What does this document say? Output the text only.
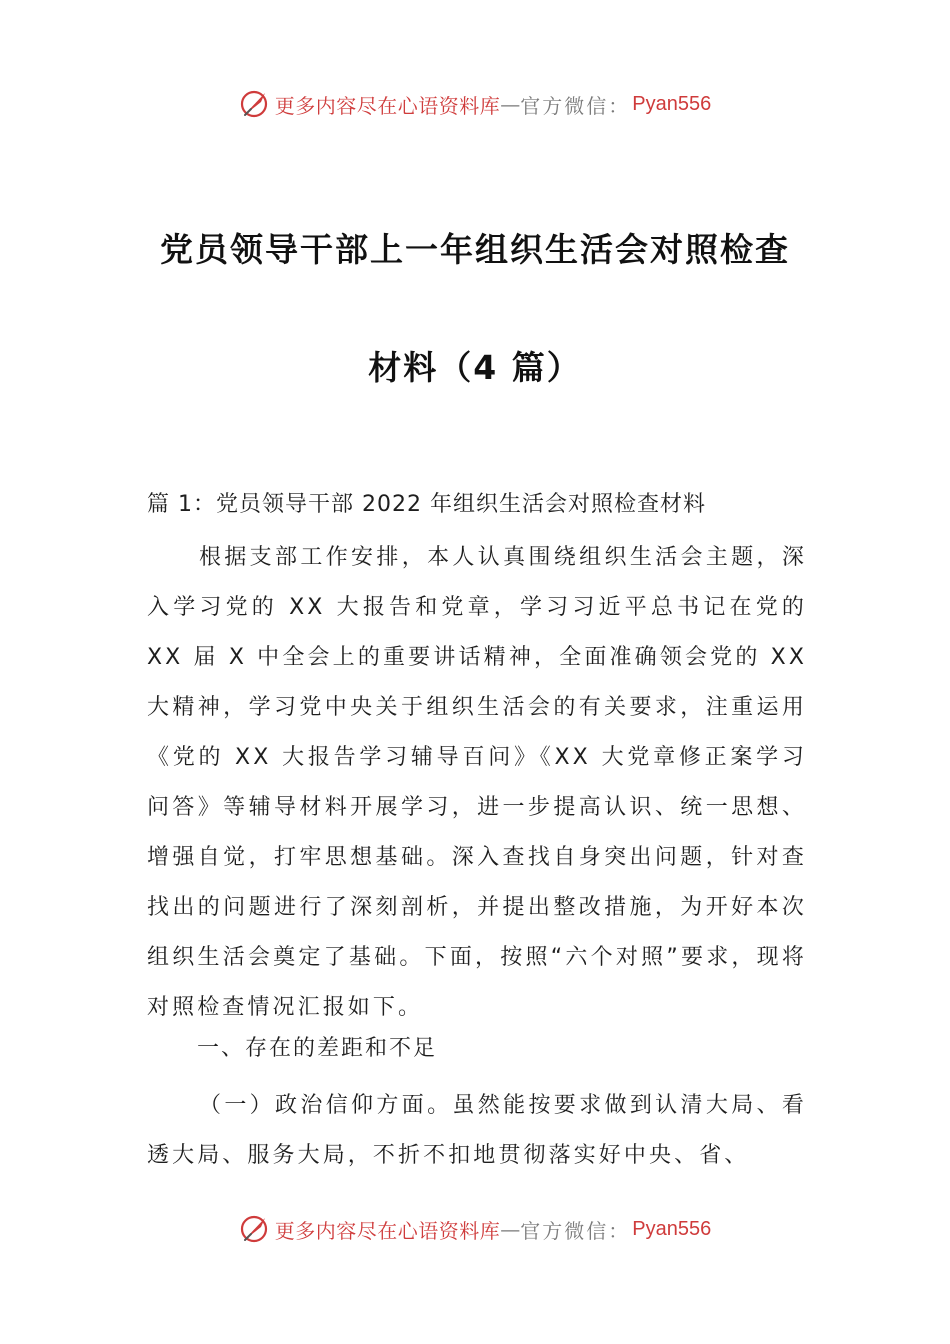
更多内容尽在心语资料库 — 官方微信： Pyan556
党员领导干部上一年组织生活会对照检查
材料（4 篇）
篇 1：党员领导干部 2022 年组织生活会对照检查材料

根据支部工作安排，本人认真围绕组织生活会主题，深入学习党的 XX 大报告和党章，学习习近平总书记在党的 XX 届 X 中全会上的重要讲话精神，全面准确领会党的 XX 大精神，学习党中央关于组织生活会的有关要求，注重运用《党的 XX 大报告学习辅导百问》《XX 大党章修正案学习问答》等辅导材料开展学习，进一步提高认识、统一思想、增强自觉，打牢思想基础。深入查找自身突出问题，针对查找出的问题进行了深刻剖析，并提出整改措施，为开好本次组织生活会奠定了基础。下面，按照“六个对照”要求，现将对照检查情况汇报如下。

一、存在的差距和不足

（一）政治信仰方面。虽然能按要求做到认清大局、看透大局、服务大局，不折不扣地贯彻落实好中央、省、

更多内容尽在心语资料库 — 官方微信： Pyan556
